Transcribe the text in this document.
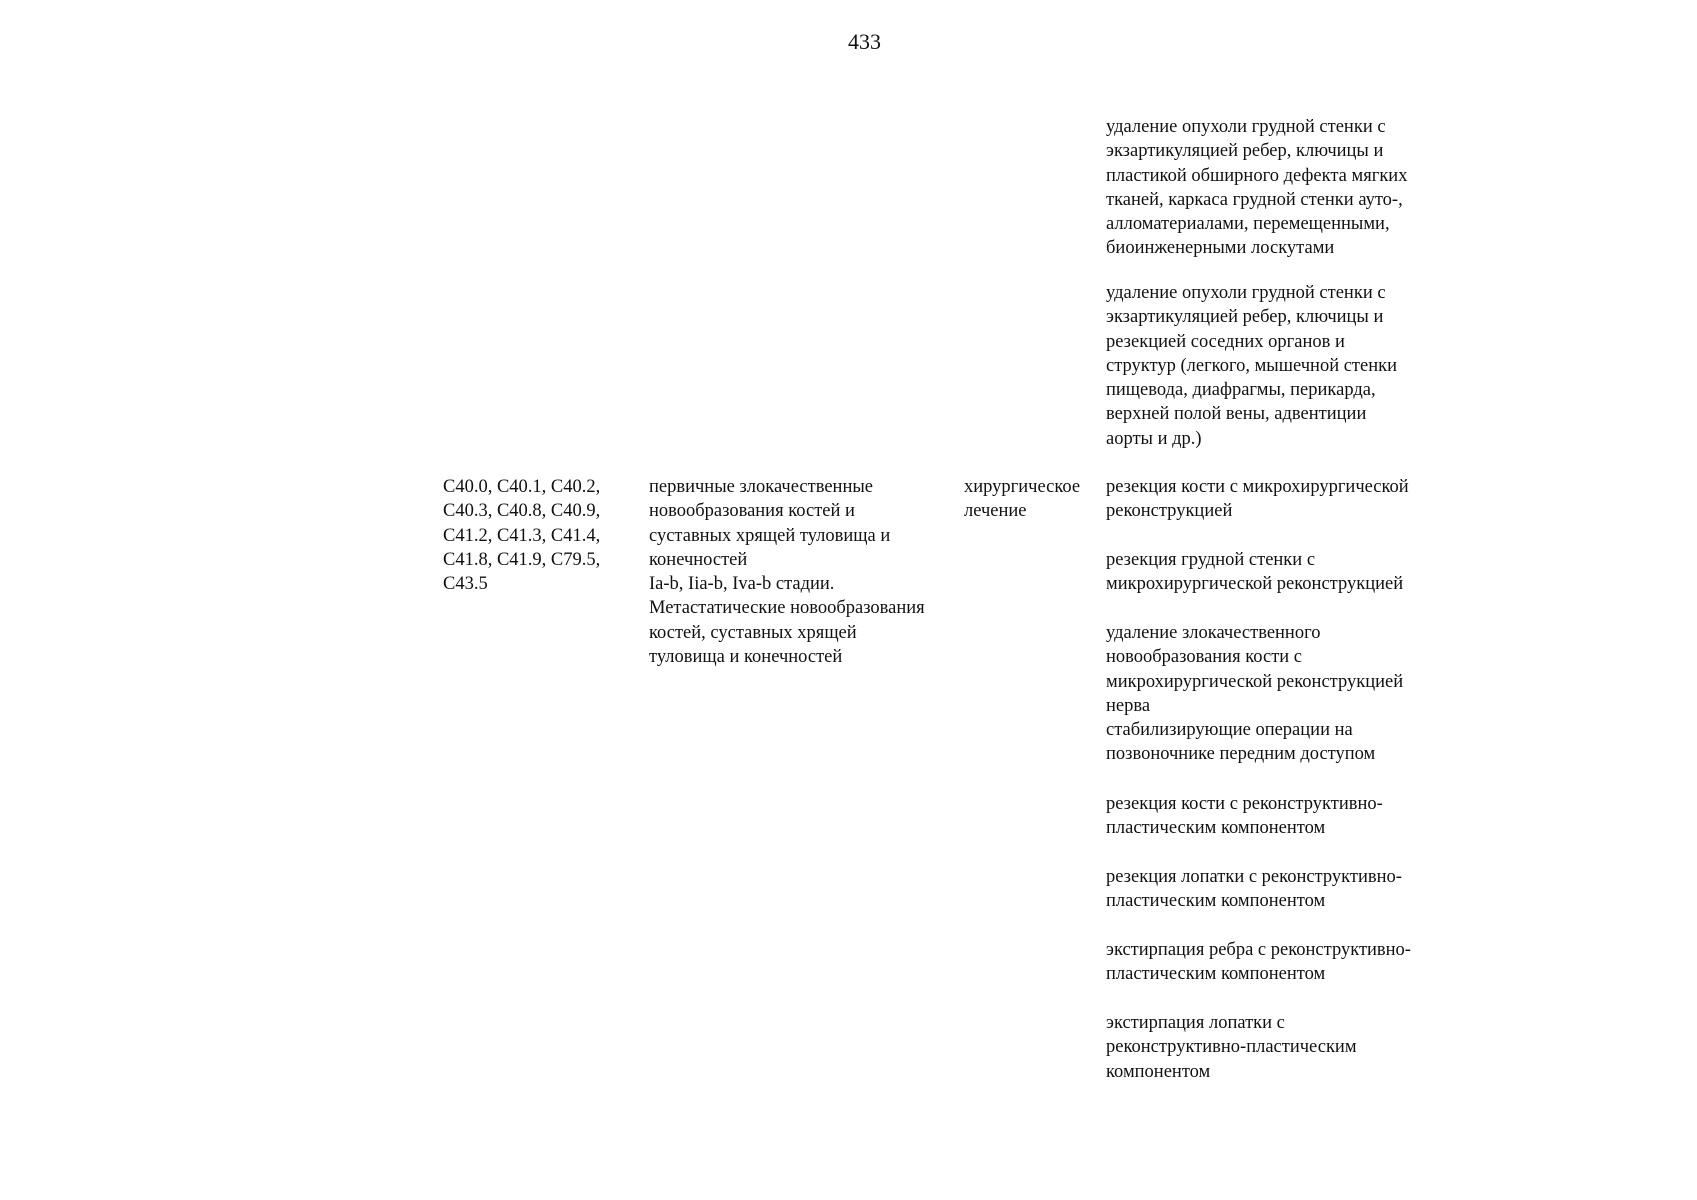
433
удаление опухоли грудной стенки с
экзартикуляцией ребер, ключицы и
пластикой обширного дефекта мягких
тканей, каркаса грудной стенки ауто-,
алломатериалами, перемещенными,
биоинженерными лоскутами
удаление опухоли грудной стенки с
экзартикуляцией ребер, ключицы и
резекцией соседних органов и
структур (легкого, мышечной стенки
пищевода, диафрагмы, перикарда,
верхней полой вены, адвентиции
аорты и др.)
C40.0, C40.1, C40.2,
C40.3, C40.8, C40.9,
C41.2, C41.3, C41.4,
C41.8, C41.9, C79.5,
C43.5
первичные злокачественные
новообразования костей и
суставных хрящей туловища и
конечностей
Ia-b, Iia-b, Iva-b стадии.
Метастатические новообразования
костей, суставных хрящей
туловища и конечностей
хирургическое
лечение
резекция кости с микрохирургической
реконструкцией
резекция грудной стенки с
микрохирургической реконструкцией
удаление злокачественного
новообразования кости с
микрохирургической реконструкцией
нерва
стабилизирующие операции на
позвоночнике передним доступом
резекция кости с реконструктивно-
пластическим компонентом
резекция лопатки с реконструктивно-
пластическим компонентом
экстирпация ребра с реконструктивно-
пластическим компонентом
экстирпация лопатки с
реконструктивно-пластическим
компонентом
